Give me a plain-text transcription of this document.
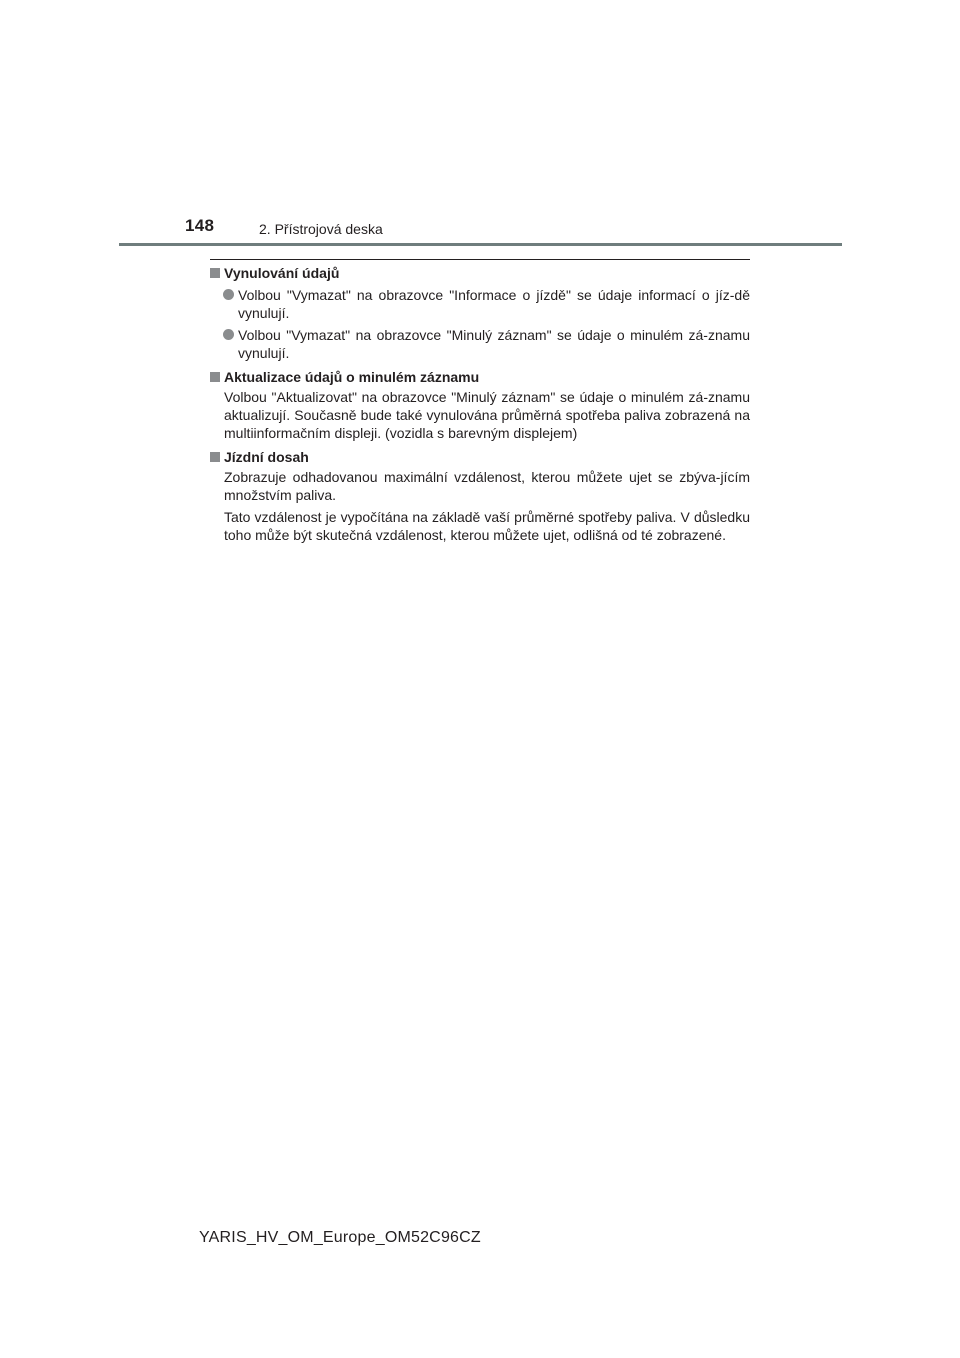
148	2. Přístrojová deska
Vynulování údajů
Volbou "Vymazat" na obrazovce "Informace o jízdě" se údaje informací o jíz-dě vynulují.
Volbou "Vymazat" na obrazovce "Minulý záznam" se údaje o minulém zá-znamu vynulují.
Aktualizace údajů o minulém záznamu
Volbou "Aktualizovat" na obrazovce "Minulý záznam" se údaje o minulém zá-znamu aktualizují. Současně bude také vynulována průměrná spotřeba paliva zobrazená na multiinformačním displeji. (vozidla s barevným displejem)
Jízdní dosah
Zobrazuje odhadovanou maximální vzdálenost, kterou můžete ujet se zbýva-jícím množstvím paliva.
Tato vzdálenost je vypočítána na základě vaší průměrné spotřeby paliva. V důsledku toho může být skutečná vzdálenost, kterou můžete ujet, odlišná od té zobrazené.
YARIS_HV_OM_Europe_OM52C96CZ
